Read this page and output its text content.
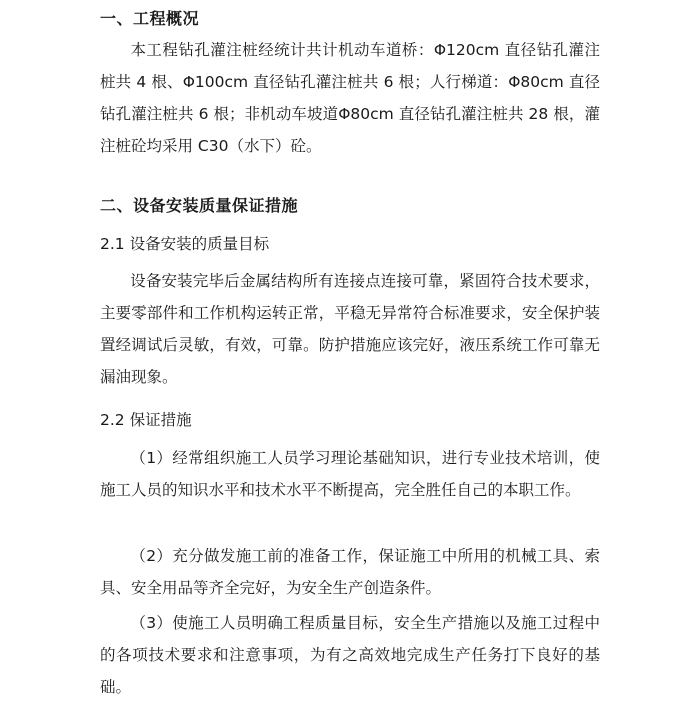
一、工程概况
本工程钻孔灌注桩经统计共计机动车道桥：Φ120cm 直径钻孔灌注桩共 4 根、Φ100cm 直径钻孔灌注桩共 6 根；人行梯道：Φ80cm 直径钻孔灌注桩共 6 根；非机动车坡道Φ80cm 直径钻孔灌注桩共 28 根，灌注桩砼均采用 C30（水下）砼。
二、设备安装质量保证措施
2.1 设备安装的质量目标
设备安装完毕后金属结构所有连接点连接可靠，紧固符合技术要求，主要零部件和工作机构运转正常，平稳无异常符合标准要求，安全保护装置经调试后灵敏，有效，可靠。防护措施应该完好，液压系统工作可靠无漏油现象。
2.2 保证措施
（1）经常组织施工人员学习理论基础知识，进行专业技术培训，使施工人员的知识水平和技术水平不断提高，完全胜任自己的本职工作。
（2）充分做发施工前的准备工作，保证施工中所用的机械工具、索具、安全用品等齐全完好，为安全生产创造条件。
（3）使施工人员明确工程质量目标，安全生产措施以及施工过程中的各项技术要求和注意事项，为有之高效地完成生产任务打下良好的基础。
